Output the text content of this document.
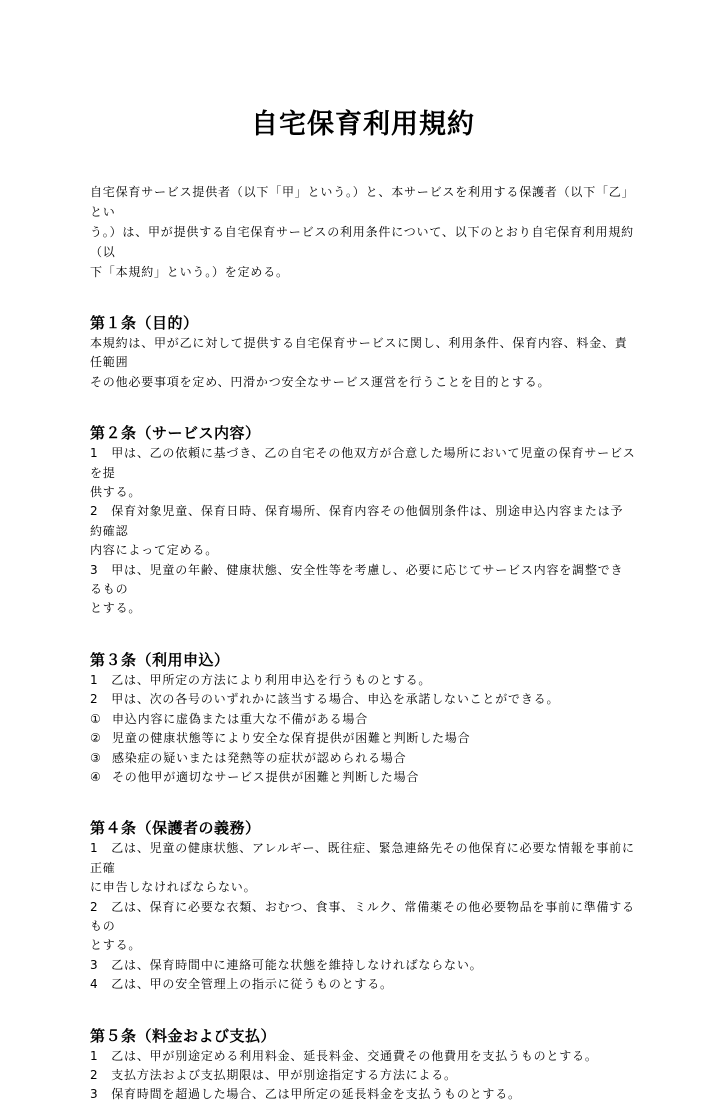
自宅保育利用規約
自宅保育サービス提供者（以下「甲」という。）と、本サービスを利用する保護者（以下「乙」とい
う。）は、甲が提供する自宅保育サービスの利用条件について、以下のとおり自宅保育利用規約（以
下「本規約」という。）を定める。
第１条（目的）
本規約は、甲が乙に対して提供する自宅保育サービスに関し、利用条件、保育内容、料金、責任範囲
その他必要事項を定め、円滑かつ安全なサービス運営を行うことを目的とする。
第２条（サービス内容）
1　甲は、乙の依頼に基づき、乙の自宅その他双方が合意した場所において児童の保育サービスを提
供する。
2　保育対象児童、保育日時、保育場所、保育内容その他個別条件は、別途申込内容または予約確認
内容によって定める。
3　甲は、児童の年齢、健康状態、安全性等を考慮し、必要に応じてサービス内容を調整できるもの
とする。
第３条（利用申込）
1　乙は、甲所定の方法により利用申込を行うものとする。
2　甲は、次の各号のいずれかに該当する場合、申込を承諾しないことができる。
① 申込内容に虚偽または重大な不備がある場合
② 児童の健康状態等により安全な保育提供が困難と判断した場合
③ 感染症の疑いまたは発熱等の症状が認められる場合
④ その他甲が適切なサービス提供が困難と判断した場合
第４条（保護者の義務）
1　乙は、児童の健康状態、アレルギー、既往症、緊急連絡先その他保育に必要な情報を事前に正確
に申告しなければならない。
2　乙は、保育に必要な衣類、おむつ、食事、ミルク、常備薬その他必要物品を事前に準備するもの
とする。
3　乙は、保育時間中に連絡可能な状態を維持しなければならない。
4　乙は、甲の安全管理上の指示に従うものとする。
第５条（料金および支払）
1　乙は、甲が別途定める利用料金、延長料金、交通費その他費用を支払うものとする。
2　支払方法および支払期限は、甲が別途指定する方法による。
3　保育時間を超過した場合、乙は甲所定の延長料金を支払うものとする。
